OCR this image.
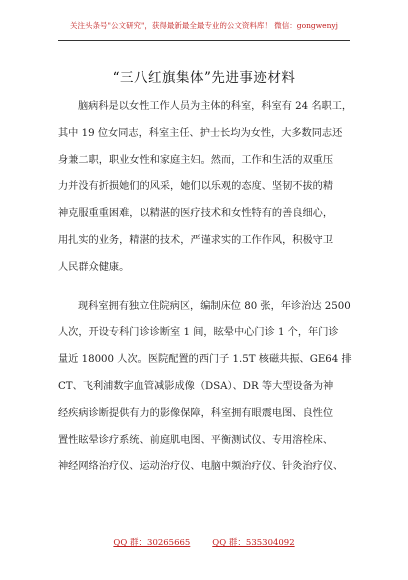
关注头条号"公文研究"，获得最新最全最专业的公文资料库！ 微信：gongwenyj
“三八红旗集体”先进事迹材料
脑病科是以女性工作人员为主体的科室，科室有 24 名职工，
其中 19 位女同志，科室主任、护士长均为女性，大多数同志还
身兼二职，职业女性和家庭主妇。然而，工作和生活的双重压
力并没有折损她们的风采，她们以乐观的态度、坚韧不拔的精
神克服重重困难，以精湛的医疗技术和女性特有的善良细心，
用扎实的业务，精湛的技术，严谨求实的工作作风，积极守卫
人民群众健康。
现科室拥有独立住院病区，编制床位 80 张，年诊治达 2500
人次，开设专科门诊诊断室 1 间，眩晕中心门诊 1 个，年门诊
量近 18000 人次。医院配置的西门子 1.5T 核磁共振、GE64 排
CT、飞利浦数字血管减影成像（DSA）、DR 等大型设备为神
经疾病诊断提供有力的影像保障，科室拥有眼震电图、良性位
置性眩晕诊疗系统、前庭肌电图、平衡测试仪、专用溶栓床、
神经网络治疗仪、运动治疗仪、电脑中频治疗仪、针灸治疗仪、
QQ 群：30265665	QQ 群：535304092
